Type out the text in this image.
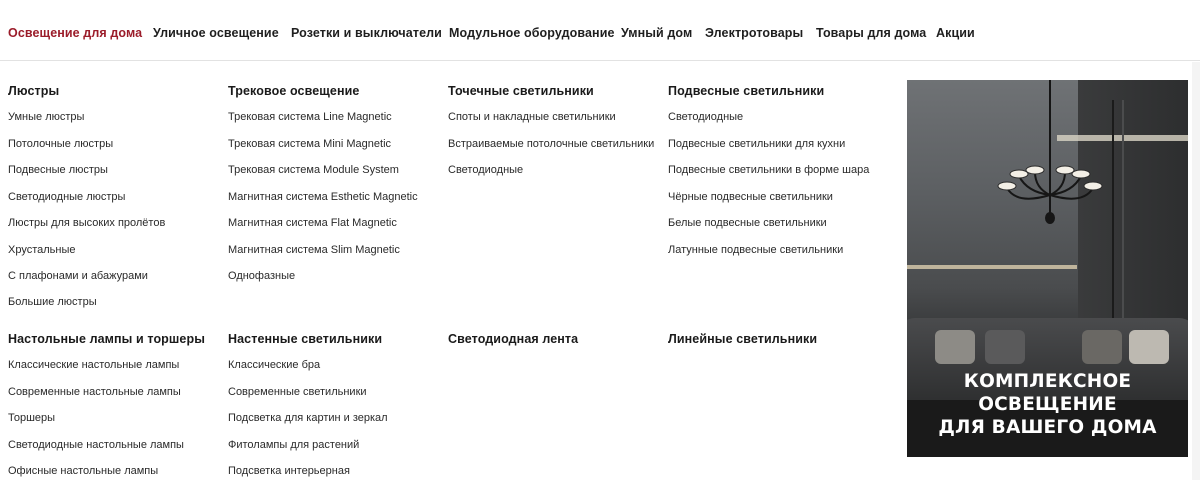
Освещение для дома Уличное освещение Розетки и выключатели Модульное оборудование Умный дом Электротовары Товары для дома Акции
Люстры	Трековое освещение	Точечные светильники	Подвесные светильники
Умные люстры
Потолочные люстры
Подвесные люстры
Светодиодные люстры
Люстры для высоких пролётов
Хрустальные
С плафонами и абажурами
Большие люстры
Трековая система Line Magnetic
Трековая система Mini Magnetic
Трековая система Module System
Магнитная система Esthetic Magnetic
Магнитная система Flat Magnetic
Магнитная система Slim Magnetic
Однофазные
Споты и накладные светильники
Встраиваемые потолочные светильники
Светодиодные
Светодиодные
Подвесные светильники для кухни
Подвесные светильники в форме шара
Чёрные подвесные светильники
Белые подвесные светильники
Латунные подвесные светильники
Настольные лампы и торшеры Настенные светильники	Светодиодная лента	Линейные светильники
Классические настольные лампы
Современные настольные лампы
Торшеры
Светодиодные настольные лампы
Офисные настольные лампы
Классические бра
Современные светильники
Подсветка для картин и зеркал
Фитолампы для растений
Подсветка интерьерная
КОМПЛЕКСНОЕ
ОСВЕЩЕНИЕ
ДЛЯ ВАШЕГО ДОМА
